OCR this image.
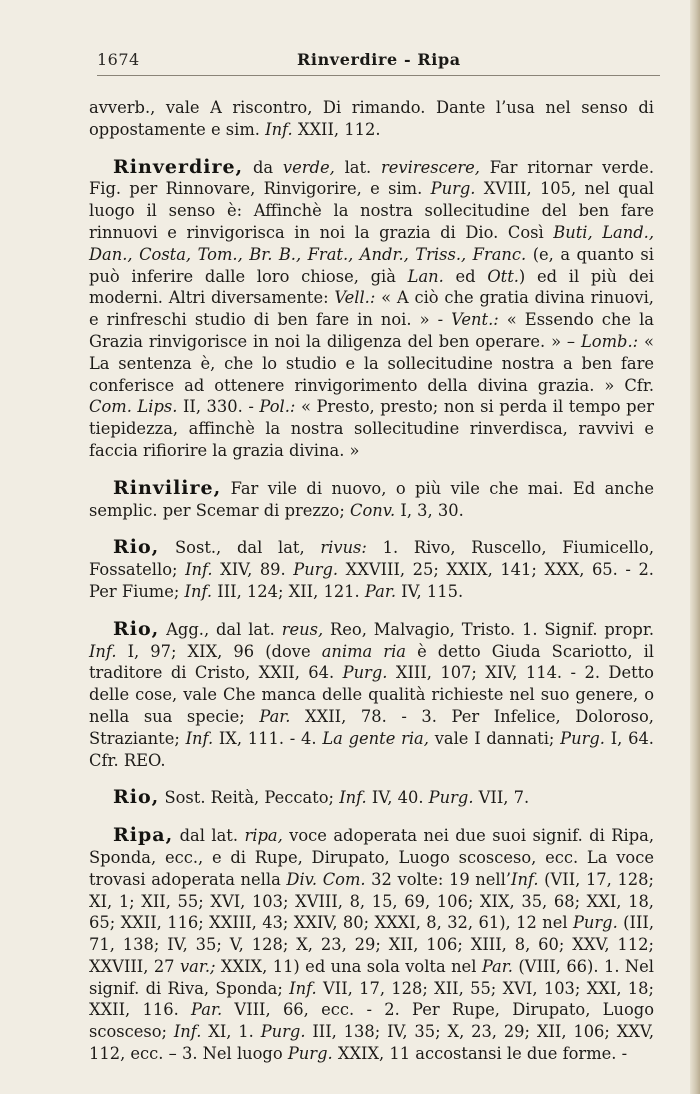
1674	Rinverdire - Ripa

avverb., vale A riscontro, Di rimando. Dante l’usa nel senso di oppostamente e sim. Inf. XXII, 112.

Rinverdire, da verde, lat. revirescere, Far ritornar verde. Fig. per Rinnovare, Rinvigorire, e sim. Purg. XVIII, 105, nel qual luogo il senso è: Affinchè la nostra sollecitudine del ben fare rinnuovi e rinvigorisca in noi la grazia di Dio. Così Buti, Land., Dan., Costa, Tom., Br. B., Frat., Andr., Triss., Franc. (e, a quanto si può inferire dalle loro chiose, già Lan. ed Ott.) ed il più dei moderni. Altri diversamente: Vell.: « A ciò che gratia divina rinuovi, e rinfreschi studio di ben fare in noi. » - Vent.: « Essendo che la Grazia rinvigorisce in noi la diligenza del ben operare. » – Lomb.: « La sentenza è, che lo studio e la sollecitudine nostra a ben fare conferisce ad ottenere rinvigorimento della divina grazia. » Cfr. Com. Lips. II, 330. - Pol.: « Presto, presto; non si perda il tempo per tiepidezza, affinchè la nostra sollecitudine rinverdisca, ravvivi e faccia rifiorire la grazia divina. »

Rinvilire, Far vile di nuovo, o più vile che mai. Ed anche semplic. per Scemar di prezzo; Conv. I, 3, 30.

Rio, Sost., dal lat, rivus: 1. Rivo, Ruscello, Fiumicello, Fossatello; Inf. XIV, 89. Purg. XXVIII, 25; XXIX, 141; XXX, 65. - 2. Per Fiume; Inf. III, 124; XII, 121. Par. IV, 115.

Rio, Agg., dal lat. reus, Reo, Malvagio, Tristo. 1. Signif. propr. Inf. I, 97; XIX, 96 (dove anima ria è detto Giuda Scariotto, il traditore di Cristo, XXII, 64. Purg. XIII, 107; XIV, 114. - 2. Detto delle cose, vale Che manca delle qualità richieste nel suo genere, o nella sua specie; Par. XXII, 78. - 3. Per Infelice, Doloroso, Straziante; Inf. IX, 111. - 4. La gente ria, vale I dannati; Purg. I, 64. Cfr. REO.

Rio, Sost. Reità, Peccato; Inf. IV, 40. Purg. VII, 7.

Ripa, dal lat. ripa, voce adoperata nei due suoi signif. di Ripa, Sponda, ecc., e di Rupe, Dirupato, Luogo scosceso, ecc. La voce trovasi adoperata nella Div. Com. 32 volte: 19 nell’Inf. (VII, 17, 128; XI, 1; XII, 55; XVI, 103; XVIII, 8, 15, 69, 106; XIX, 35, 68; XXI, 18, 65; XXII, 116; XXIII, 43; XXIV, 80; XXXI, 8, 32, 61), 12 nel Purg. (III, 71, 138; IV, 35; V, 128; X, 23, 29; XII, 106; XIII, 8, 60; XXV, 112; XXVIII, 27 var.; XXIX, 11) ed una sola volta nel Par. (VIII, 66). 1. Nel signif. di Riva, Sponda; Inf. VII, 17, 128; XII, 55; XVI, 103; XXI, 18; XXII, 116. Par. VIII, 66, ecc. - 2. Per Rupe, Dirupato, Luogo scosceso; Inf. XI, 1. Purg. III, 138; IV, 35; X, 23, 29; XII, 106; XXV, 112, ecc. – 3. Nel luogo Purg. XXIX, 11 accostansi le due forme. -
